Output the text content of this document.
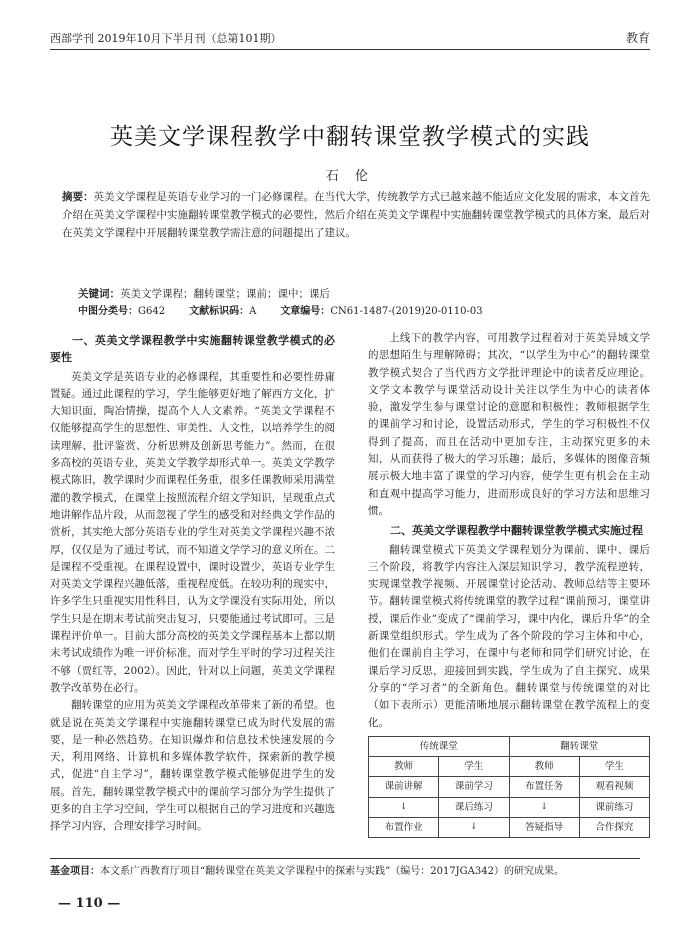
西部学刊 2019年10月下半月刊（总第101期）	教育
英美文学课程教学中翻转课堂教学模式的实践
石 伦
摘要：英美文学课程是英语专业学习的一门必修课程。在当代大学，传统教学方式已越来越不能适应文化发展的需求，本文首先介绍在英美文学课程中实施翻转课堂教学模式的必要性，然后介绍在英美文学课程中实施翻转课堂教学模式的具体方案，最后对在英美文学课程中开展翻转课堂教学需注意的问题提出了建议。
关键词：英美文学课程；翻转课堂；课前；课中；课后
中图分类号：G642 文献标识码：A 文章编号：CN61-1487-(2019)20-0110-03
一、英美文学课程教学中实施翻转课堂教学模式的必要性

英美文学是英语专业的必修课程，其重要性和必要性毋庸置疑。通过此课程的学习，学生能够更好地了解西方文化，扩大知识面，陶冶情操，提高个人人文素养。“英美文学课程不仅能够提高学生的思想性、审美性、人文性，以培养学生的阅读理解、批评鉴赏、分析思辨及创新思考能力”。然而，在很多高校的英语专业，英美文学教学却形式单一。英美文学教学模式陈旧，教学课时少而课程任务重，很多任课教师采用满堂灌的教学模式，在课堂上按照流程介绍文学知识，呈现重点式地讲解作品片段，从而忽视了学生的感受和对经典文学作品的赏析，其实绝大部分英语专业的学生对英美文学课程兴趣不浓厚，仅仅是为了通过考试，而不知道文学学习的意义所在。二是课程不受重视。在课程设置中，课时设置少，英语专业学生对英美文学课程兴趣低落，重视程度低。在较功利的现实中，许多学生只重视实用性科目，认为文学课没有实际用处，所以学生只是在期末考试前突击复习，只要能通过考试即可。三是课程评价单一。目前大部分高校的英美文学课程基本上都以期末考试成绩作为唯一评价标准，而对学生平时的学习过程关注不够（贾红等，2002）。因此，针对以上问题，英美文学课程教学改革势在必行。

翻转课堂的应用为英美文学课程改革带来了新的希望。也就是说在英美文学课程中实施翻转课堂已成为时代发展的需要，是一种必然趋势。在知识爆炸和信息技术快速发展的今天，利用网络、计算机和多媒体教学软件，探索新的教学模式，促进“自主学习”，翻转课堂教学模式能够促进学生的发展。首先，翻转课堂教学模式中的课前学习部分为学生提供了更多的自主学习空间，学生可以根据自己的学习进度和兴趣选择学习内容，合理安排学习时间。

上线下的教学内容，可用教学过程着对于英美异域文学的思想陌生与理解障碍；其次，“以学生为中心”的翻转课堂教学模式契合了当代西方文学批评理论中的读者反应理论。文学文本教学与课堂活动设计关注以学生为中心的读者体验，激发学生参与课堂讨论的意愿和积极性；教师根据学生的课前学习和讨论，设置活动形式，学生的学习积极性不仅得到了提高，而且在活动中更加专注，主动探究更多的未知，从而获得了极大的学习乐趣；最后，多媒体的图像音频展示极大地丰富了课堂的学习内容，使学生更有机会在主动和直观中提高学习能力，进而形成良好的学习方法和思维习惯。

二、英美文学课程教学中翻转课堂教学模式实施过程

翻转课堂模式下英美文学课程划分为课前、课中、课后三个阶段，将教学内容注入深层知识学习，教学流程逆转，实现课堂教学视频、开展课堂讨论活动、教师总结等主要环节。翻转课堂模式将传统课堂的教学过程“课前预习，课堂讲授，课后作业”变成了“课前学习，课中内化，课后升华”的全新课堂组织形式。学生成为了各个阶段的学习主体和中心，他们在课前自主学习，在课中与老师和同学们研究讨论，在课后学习反思，迎接回到实践，学生成为了自主探究、成果分享的“学习者”的全新角色。翻转课堂与传统课堂的对比（如下表所示）更能清晰地展示翻转课堂在教学流程上的变化。

传统课堂		翻转课堂	
教师	学生	教师	学生
课前讲解	课前学习	布置任务	观看视频
↓	课后练习	↓	课前练习
布置作业	↓	答疑指导	合作探究
基金项目：本文系广西教育厅项目“翻转课堂在英美文学课程中的探索与实践”（编号：2017JGA342）的研究成果。
— 110 —
